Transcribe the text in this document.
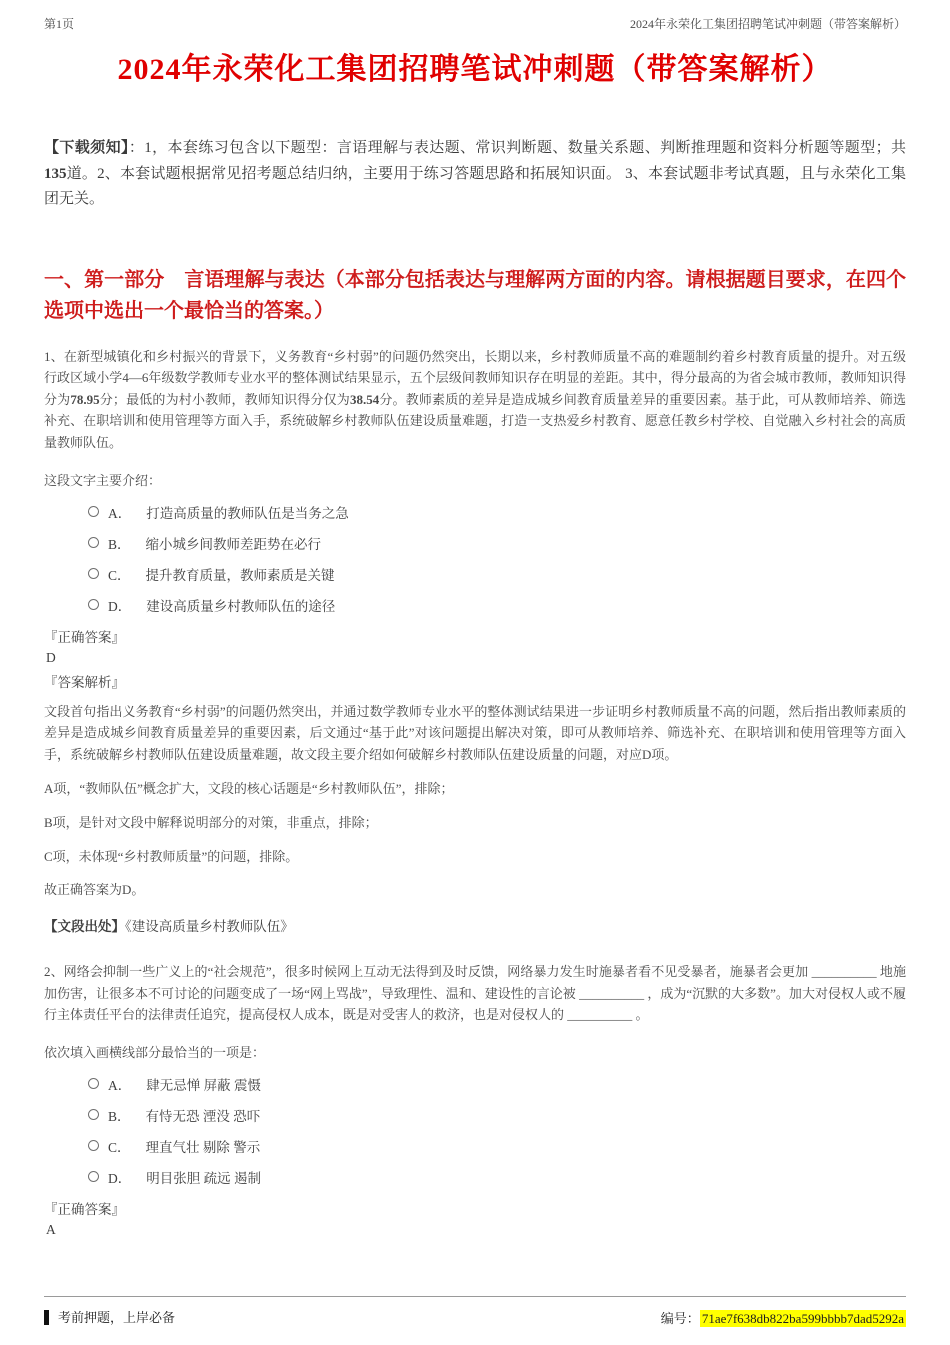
第1页	2024年永荣化工集团招聘笔试冲刺题（带答案解析）
2024年永荣化工集团招聘笔试冲刺题（带答案解析）

【下载须知】：1，本套练习包含以下题型：言语理解与表达题、常识判断题、数量关系题、判断推理题和资料分析题等题型；共135道。2、本套试题根据常见招考题总结归纳，主要用于练习答题思路和拓展知识面。 3、本套试题非考试真题，且与永荣化工集团无关。

一、第一部分　言语理解与表达（本部分包括表达与理解两方面的内容。请根据题目要求，在四个选项中选出一个最恰当的答案。）

1、在新型城镇化和乡村振兴的背景下，义务教育“乡村弱”的问题仍然突出，长期以来，乡村教师质量不高的难题制约着乡村教育质量的提升。对五级行政区域小学4—6年级数学教师专业水平的整体测试结果显示，五个层级间教师知识存在明显的差距。其中，得分最高的为省会城市教师，教师知识得分为78.95分；最低的为村小教师，教师知识得分仅为38.54分。教师素质的差异是造成城乡间教育质量差异的重要因素。基于此，可从教师培养、筛选补充、在职培训和使用管理等方面入手，系统破解乡村教师队伍建设质量难题，打造一支热爱乡村教育、愿意任教乡村学校、自觉融入乡村社会的高质量教师队伍。

这段文字主要介绍：

A． 打造高质量的教师队伍是当务之急
B． 缩小城乡间教师差距势在必行
C． 提升教育质量，教师素质是关键
D． 建设高质量乡村教师队伍的途径
『正确答案』
D
『答案解析』

文段首句指出义务教育“乡村弱”的问题仍然突出，并通过数学教师专业水平的整体测试结果进一步证明乡村教师质量不高的问题，然后指出教师素质的差异是造成城乡间教育质量差异的重要因素，后文通过“基于此”对该问题提出解决对策，即可从教师培养、筛选补充、在职培训和使用管理等方面入手，系统破解乡村教师队伍建设质量难题，故文段主要介绍如何破解乡村教师队伍建设质量的问题，对应D项。

A项，“教师队伍”概念扩大，文段的核心话题是“乡村教师队伍”，排除；

B项，是针对文段中解释说明部分的对策，非重点，排除；

C项，未体现“乡村教师质量”的问题，排除。

故正确答案为D。

【文段出处】《建设高质量乡村教师队伍》

2、网络会抑制一些广义上的“社会规范”，很多时候网上互动无法得到及时反馈，网络暴力发生时施暴者看不见受暴者，施暴者会更加 __________ 地施加伤害，让很多本不可讨论的问题变成了一场“网上骂战”，导致理性、温和、建设性的言论被 __________ ，成为“沉默的大多数”。加大对侵权人或不履行主体责任平台的法律责任追究，提高侵权人成本，既是对受害人的救济，也是对侵权人的 __________ 。

依次填入画横线部分最恰当的一项是：

A． 肆无忌惮 屏蔽 震慑
B． 有恃无恐 湮没 恐吓
C． 理直气壮 剔除 警示
D． 明目张胆 疏远 遏制
『正确答案』
A
考前押题，上岸必备	编号： 71ae7f638db822ba599bbbb7dad5292a
